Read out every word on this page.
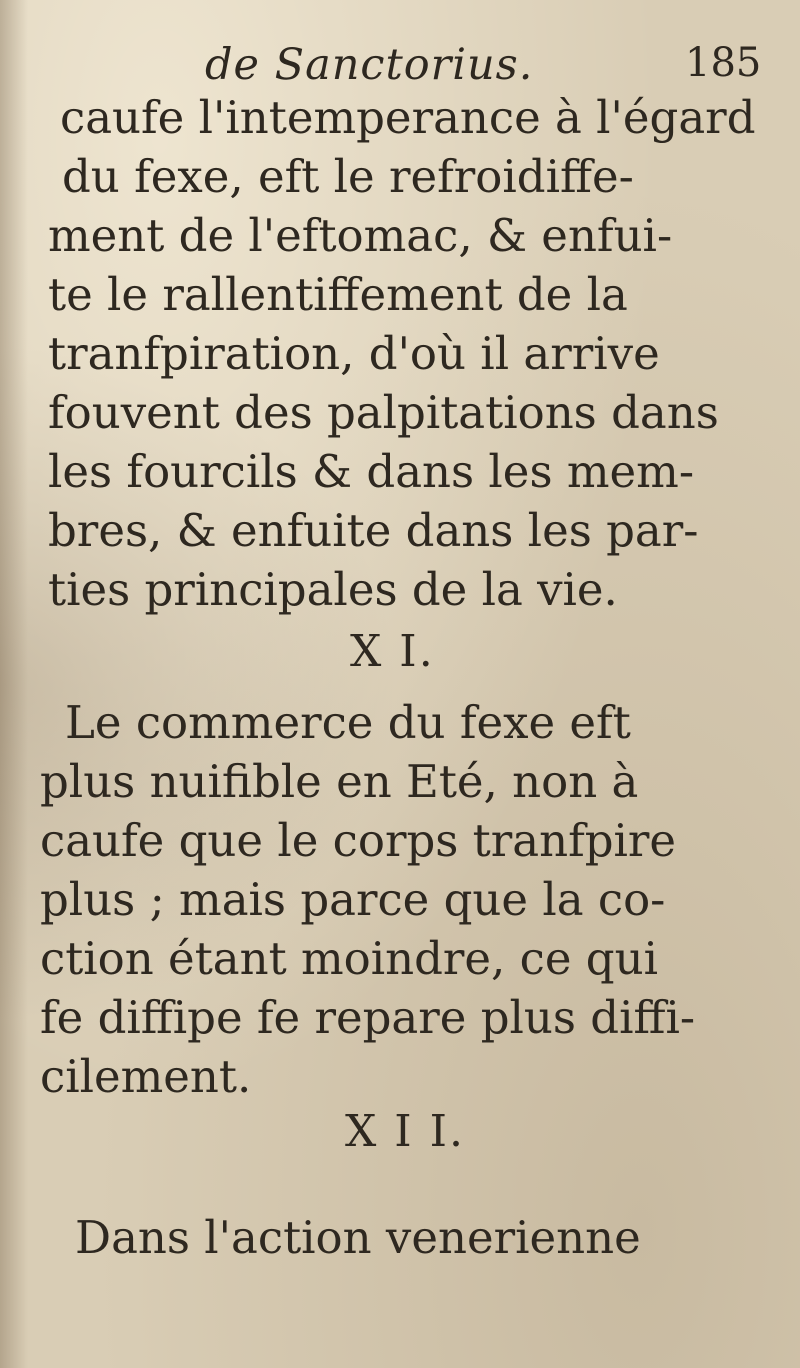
de Sanctorius.	185
caufe l'intemperance à l'égard
du fexe, eft le refroidiffe-
ment de l'eftomac, & enfui-
te le rallentiffement de la
tranfpiration, d'où il arrive
fouvent des palpitations dans
les fourcils & dans les mem-
bres, & enfuite dans les par-
ties principales de la vie.
X I.
Le commerce du fexe eft
plus nuifible en Eté, non à
caufe que le corps tranfpire
plus ; mais parce que la co-
ction étant moindre, ce qui
fe diffipe fe repare plus diffi-
cilement.
X I I.
Dans l'action venerienne
